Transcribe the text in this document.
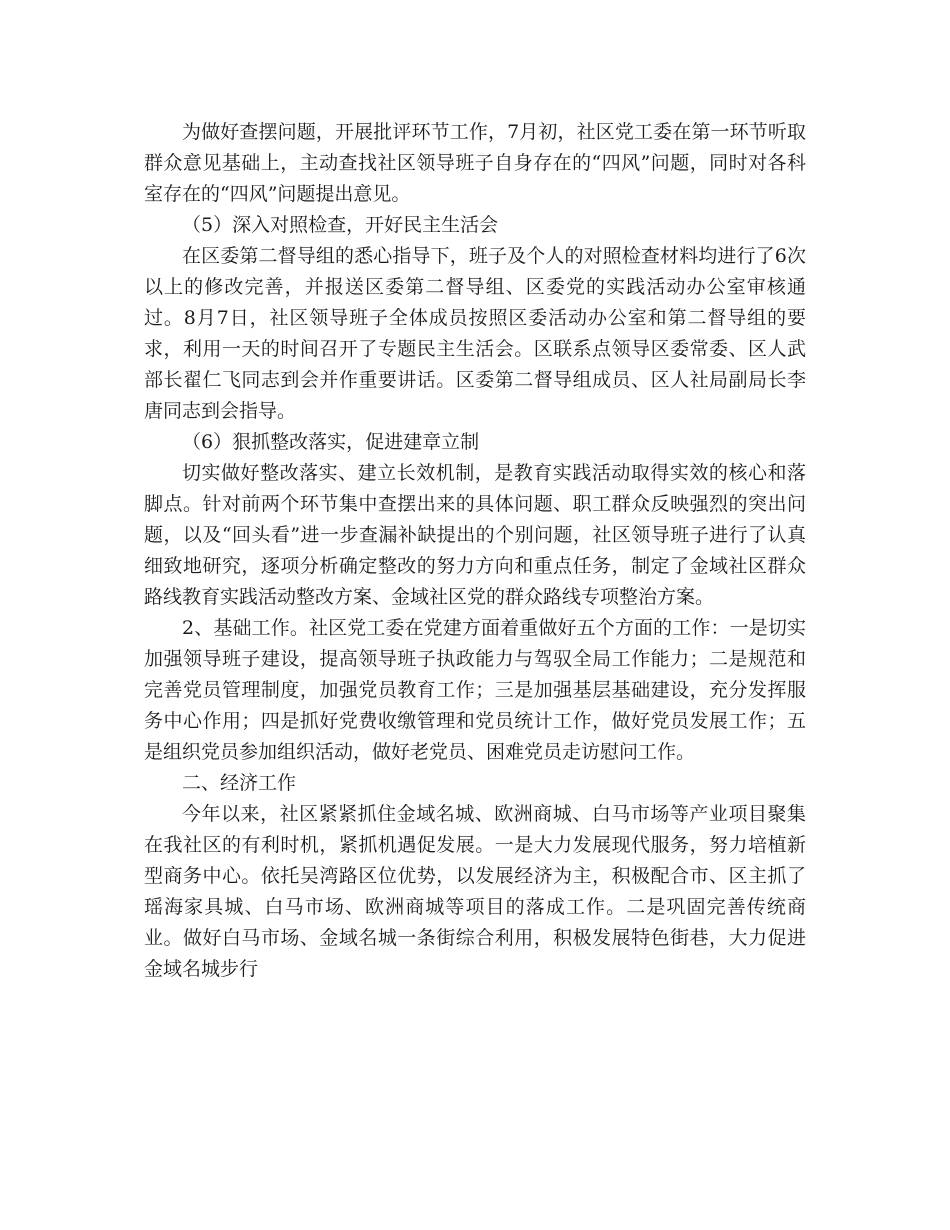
为做好查摆问题，开展批评环节工作，7月初，社区党工委在第一环节听取群众意见基础上，主动查找社区领导班子自身存在的“四风”问题，同时对各科室存在的“四风”问题提出意见。

（5）深入对照检查，开好民主生活会

在区委第二督导组的悉心指导下，班子及个人的对照检查材料均进行了6次以上的修改完善，并报送区委第二督导组、区委党的实践活动办公室审核通过。8月7日，社区领导班子全体成员按照区委活动办公室和第二督导组的要求，利用一天的时间召开了专题民主生活会。区联系点领导区委常委、区人武部长翟仁飞同志到会并作重要讲话。区委第二督导组成员、区人社局副局长李唐同志到会指导。

（6）狠抓整改落实，促进建章立制

切实做好整改落实、建立长效机制，是教育实践活动取得实效的核心和落脚点。针对前两个环节集中查摆出来的具体问题、职工群众反映强烈的突出问题，以及“回头看”进一步查漏补缺提出的个别问题，社区领导班子进行了认真细致地研究，逐项分析确定整改的努力方向和重点任务，制定了金域社区群众路线教育实践活动整改方案、金域社区党的群众路线专项整治方案。

2、基础工作。社区党工委在党建方面着重做好五个方面的工作：一是切实加强领导班子建设，提高领导班子执政能力与驾驭全局工作能力；二是规范和完善党员管理制度，加强党员教育工作；三是加强基层基础建设，充分发挥服务中心作用；四是抓好党费收缴管理和党员统计工作，做好党员发展工作；五是组织党员参加组织活动，做好老党员、困难党员走访慰问工作。

二、经济工作

今年以来，社区紧紧抓住金域名城、欧洲商城、白马市场等产业项目聚集在我社区的有利时机，紧抓机遇促发展。一是大力发展现代服务，努力培植新型商务中心。依托吴湾路区位优势，以发展经济为主，积极配合市、区主抓了瑶海家具城、白马市场、欧洲商城等项目的落成工作。二是巩固完善传统商业。做好白马市场、金域名城一条街综合利用，积极发展特色街巷，大力促进金域名城步行
